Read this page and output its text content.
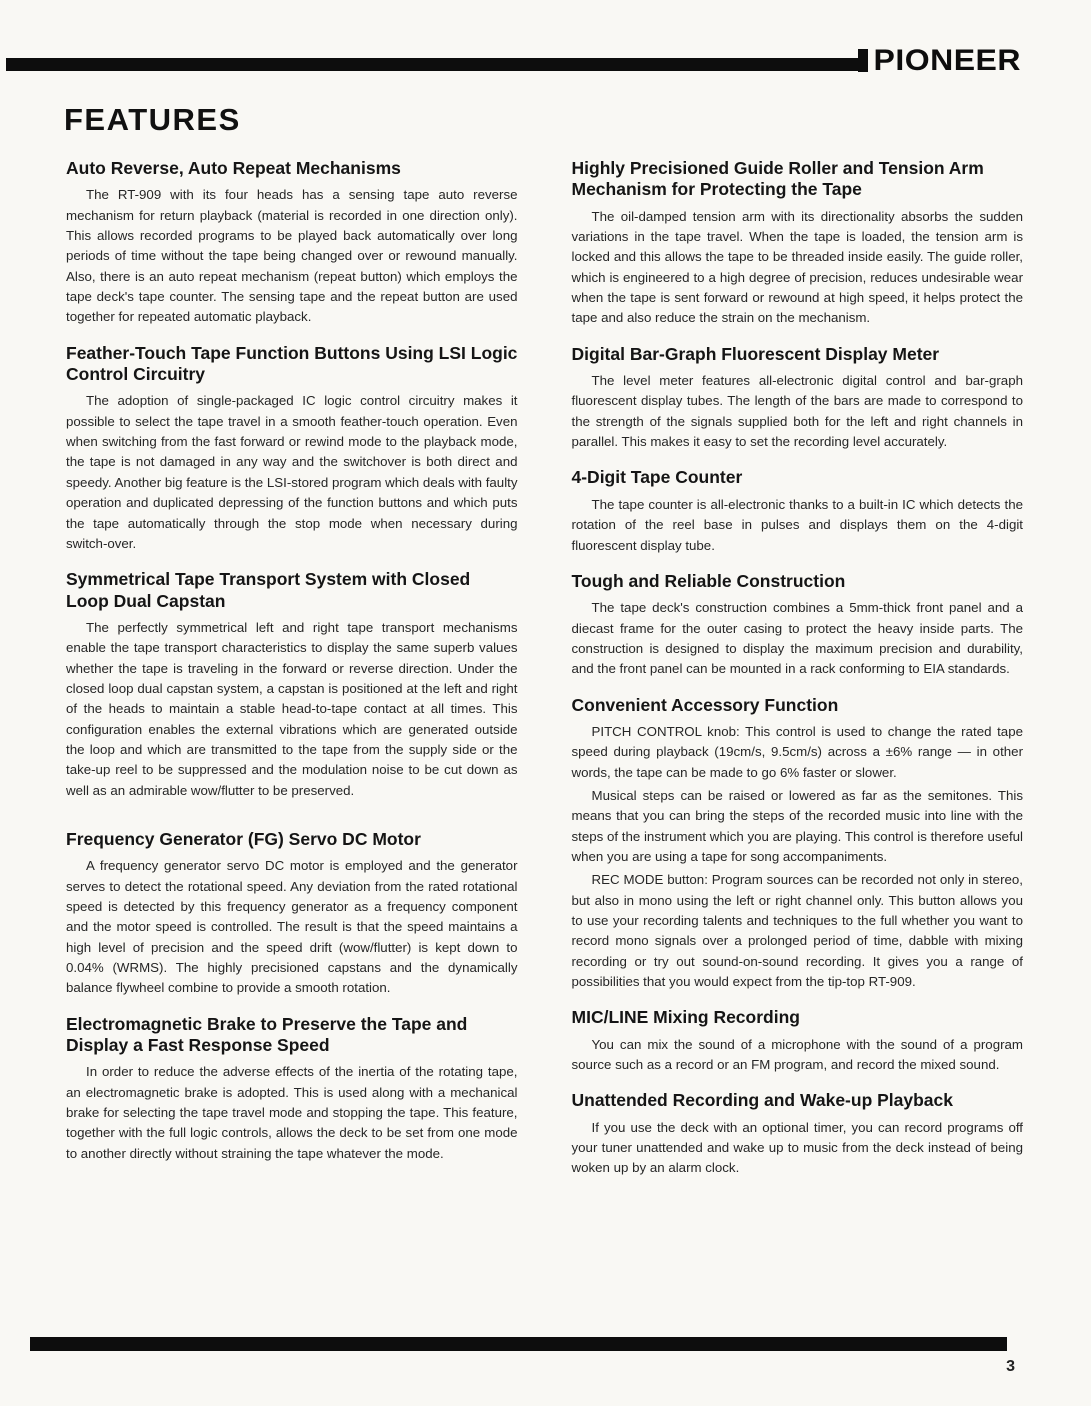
PIONEER
FEATURES
Auto Reverse, Auto Repeat Mechanisms

The RT-909 with its four heads has a sensing tape auto reverse mechanism for return playback (material is recorded in one direction only). This allows recorded programs to be played back automatically over long periods of time without the tape being changed over or rewound manually. Also, there is an auto repeat mechanism (repeat button) which employs the tape deck's tape counter. The sensing tape and the repeat button are used together for repeated automatic playback.

Feather-Touch Tape Function Buttons Using LSI Logic Control Circuitry

The adoption of single-packaged IC logic control circuitry makes it possible to select the tape travel in a smooth feather-touch operation. Even when switching from the fast forward or rewind mode to the playback mode, the tape is not damaged in any way and the switchover is both direct and speedy. Another big feature is the LSI-stored program which deals with faulty operation and duplicated depressing of the function buttons and which puts the tape automatically through the stop mode when necessary during switch-over.

Symmetrical Tape Transport System with Closed Loop Dual Capstan

The perfectly symmetrical left and right tape transport mechanisms enable the tape transport characteristics to display the same superb values whether the tape is traveling in the forward or reverse direction. Under the closed loop dual capstan system, a capstan is positioned at the left and right of the heads to maintain a stable head-to-tape contact at all times. This configuration enables the external vibrations which are generated outside the loop and which are transmitted to the tape from the supply side or the take-up reel to be suppressed and the modulation noise to be cut down as well as an admirable wow/flutter to be preserved.

Frequency Generator (FG) Servo DC Motor

A frequency generator servo DC motor is employed and the generator serves to detect the rotational speed. Any deviation from the rated rotational speed is detected by this frequency generator as a frequency component and the motor speed is controlled. The result is that the speed maintains a high level of precision and the speed drift (wow/flutter) is kept down to 0.04% (WRMS). The highly precisioned capstans and the dynamically balance flywheel combine to provide a smooth rotation.

Electromagnetic Brake to Preserve the Tape and Display a Fast Response Speed

In order to reduce the adverse effects of the inertia of the rotating tape, an electromagnetic brake is adopted. This is used along with a mechanical brake for selecting the tape travel mode and stopping the tape. This feature, together with the full logic controls, allows the deck to be set from one mode to another directly without straining the tape whatever the mode.

Highly Precisioned Guide Roller and Tension Arm Mechanism for Protecting the Tape

The oil-damped tension arm with its directionality absorbs the sudden variations in the tape travel. When the tape is loaded, the tension arm is locked and this allows the tape to be threaded inside easily. The guide roller, which is engineered to a high degree of precision, reduces undesirable wear when the tape is sent forward or rewound at high speed, it helps protect the tape and also reduce the strain on the mechanism.

Digital Bar-Graph Fluorescent Display Meter

The level meter features all-electronic digital control and bar-graph fluorescent display tubes. The length of the bars are made to correspond to the strength of the signals supplied both for the left and right channels in parallel. This makes it easy to set the recording level accurately.

4-Digit Tape Counter

The tape counter is all-electronic thanks to a built-in IC which detects the rotation of the reel base in pulses and displays them on the 4-digit fluorescent display tube.

Tough and Reliable Construction

The tape deck's construction combines a 5mm-thick front panel and a diecast frame for the outer casing to protect the heavy inside parts. The construction is designed to display the maximum precision and durability, and the front panel can be mounted in a rack conforming to EIA standards.

Convenient Accessory Function

PITCH CONTROL knob: This control is used to change the rated tape speed during playback (19cm/s, 9.5cm/s) across a ±6% range — in other words, the tape can be made to go 6% faster or slower.

Musical steps can be raised or lowered as far as the semitones. This means that you can bring the steps of the recorded music into line with the steps of the instrument which you are playing. This control is therefore useful when you are using a tape for song accompaniments.

REC MODE button: Program sources can be recorded not only in stereo, but also in mono using the left or right channel only. This button allows you to use your recording talents and techniques to the full whether you want to record mono signals over a prolonged period of time, dabble with mixing recording or try out sound-on-sound recording. It gives you a range of possibilities that you would expect from the tip-top RT-909.

MIC/LINE Mixing Recording

You can mix the sound of a microphone with the sound of a program source such as a record or an FM program, and record the mixed sound.

Unattended Recording and Wake-up Playback

If you use the deck with an optional timer, you can record programs off your tuner unattended and wake up to music from the deck instead of being woken up by an alarm clock.

3
